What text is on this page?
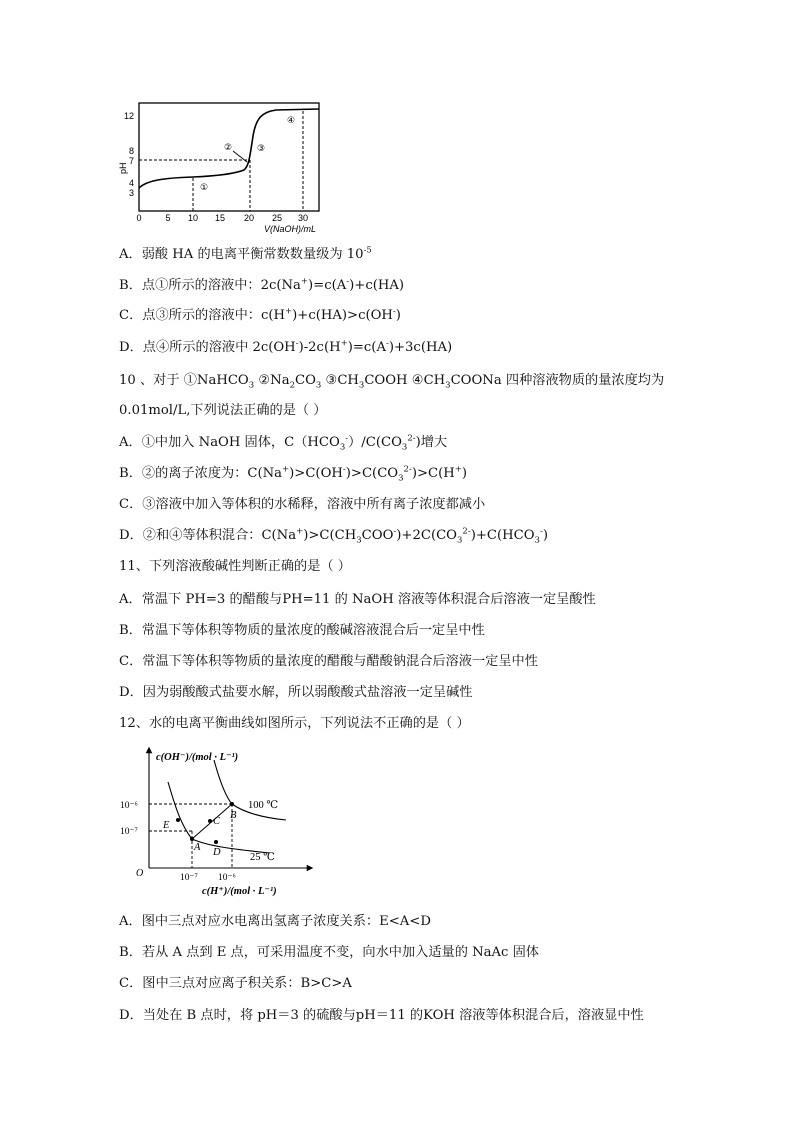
12
8
7
4
3
pH
0	5 10 15 20 25 30
V(NaOH)/mL
①
②	③
④
A．弱酸 HA 的电离平衡常数数量级为 $10^{-5}$
B．点①所示的溶液中：2c(Na+)=c(A-)+c(HA)
C．点③所示的溶液中：c(H+)+c(HA)>c(OH-)
D．点④所示的溶液中 2c(OH-)-2c(H+)=c(A-)+3c(HA)
10 、对于 ①NaHCO$_3$ $②Na_2CO_3$ $③CH_3COOH$ $④CH_3COONa$ 四种溶液物质的量浓度均为
0.01mol/L,下列说法正确的是（ ）
A．①中加入 NaOH 固体，$C(HCO_3^-)/C(CO_3^{2-})$增大
B．②的离子浓度为：$C(Na^+)>C(OH^-)>C(CO_3^{2-})>C(H^+)$
C．③溶液中加入等体积的水稀释，溶液中所有离子浓度都减小
D．②和④等体积混合：$C(Na^+)>C(CH_3COO^-)+2C(CO_3^{2-})+C(HCO_3^-)$
11、下列溶液酸碱性判断正确的是（ ）
A．常温下 PH=3 的醋酸与PH=11 的 NaOH 溶液等体积混合后溶液一定呈酸性
B．常温下等体积等物质的量浓度的酸碱溶液混合后一定呈中性
C．常温下等体积等物质的量浓度的醋酸与醋酸钠混合后溶液一定呈中性
D．因为弱酸酸式盐要水解，所以弱酸酸式盐溶液一定呈碱性
12、水的电离平衡曲线如图所示，下列说法不正确的是（ ）
c(OH⁻)/(mol · L⁻¹)
c(H⁺)/(mol · L⁻¹)
O
10⁻⁶
10⁻⁷
10⁻⁷ 10⁻⁶
E	C
B
A D
100 ℃
25 ℃
A．图中三点对应水电离出氢离子浓度关系：E<A<D
B．若从 A 点到 E 点，可采用温度不变，向水中加入适量的 NaAc 固体
C．图中三点对应离子积关系：B>C>A
D．当处在 B 点时，将 pH＝3 的硫酸与pH＝11 的KOH 溶液等体积混合后，溶液显中性
